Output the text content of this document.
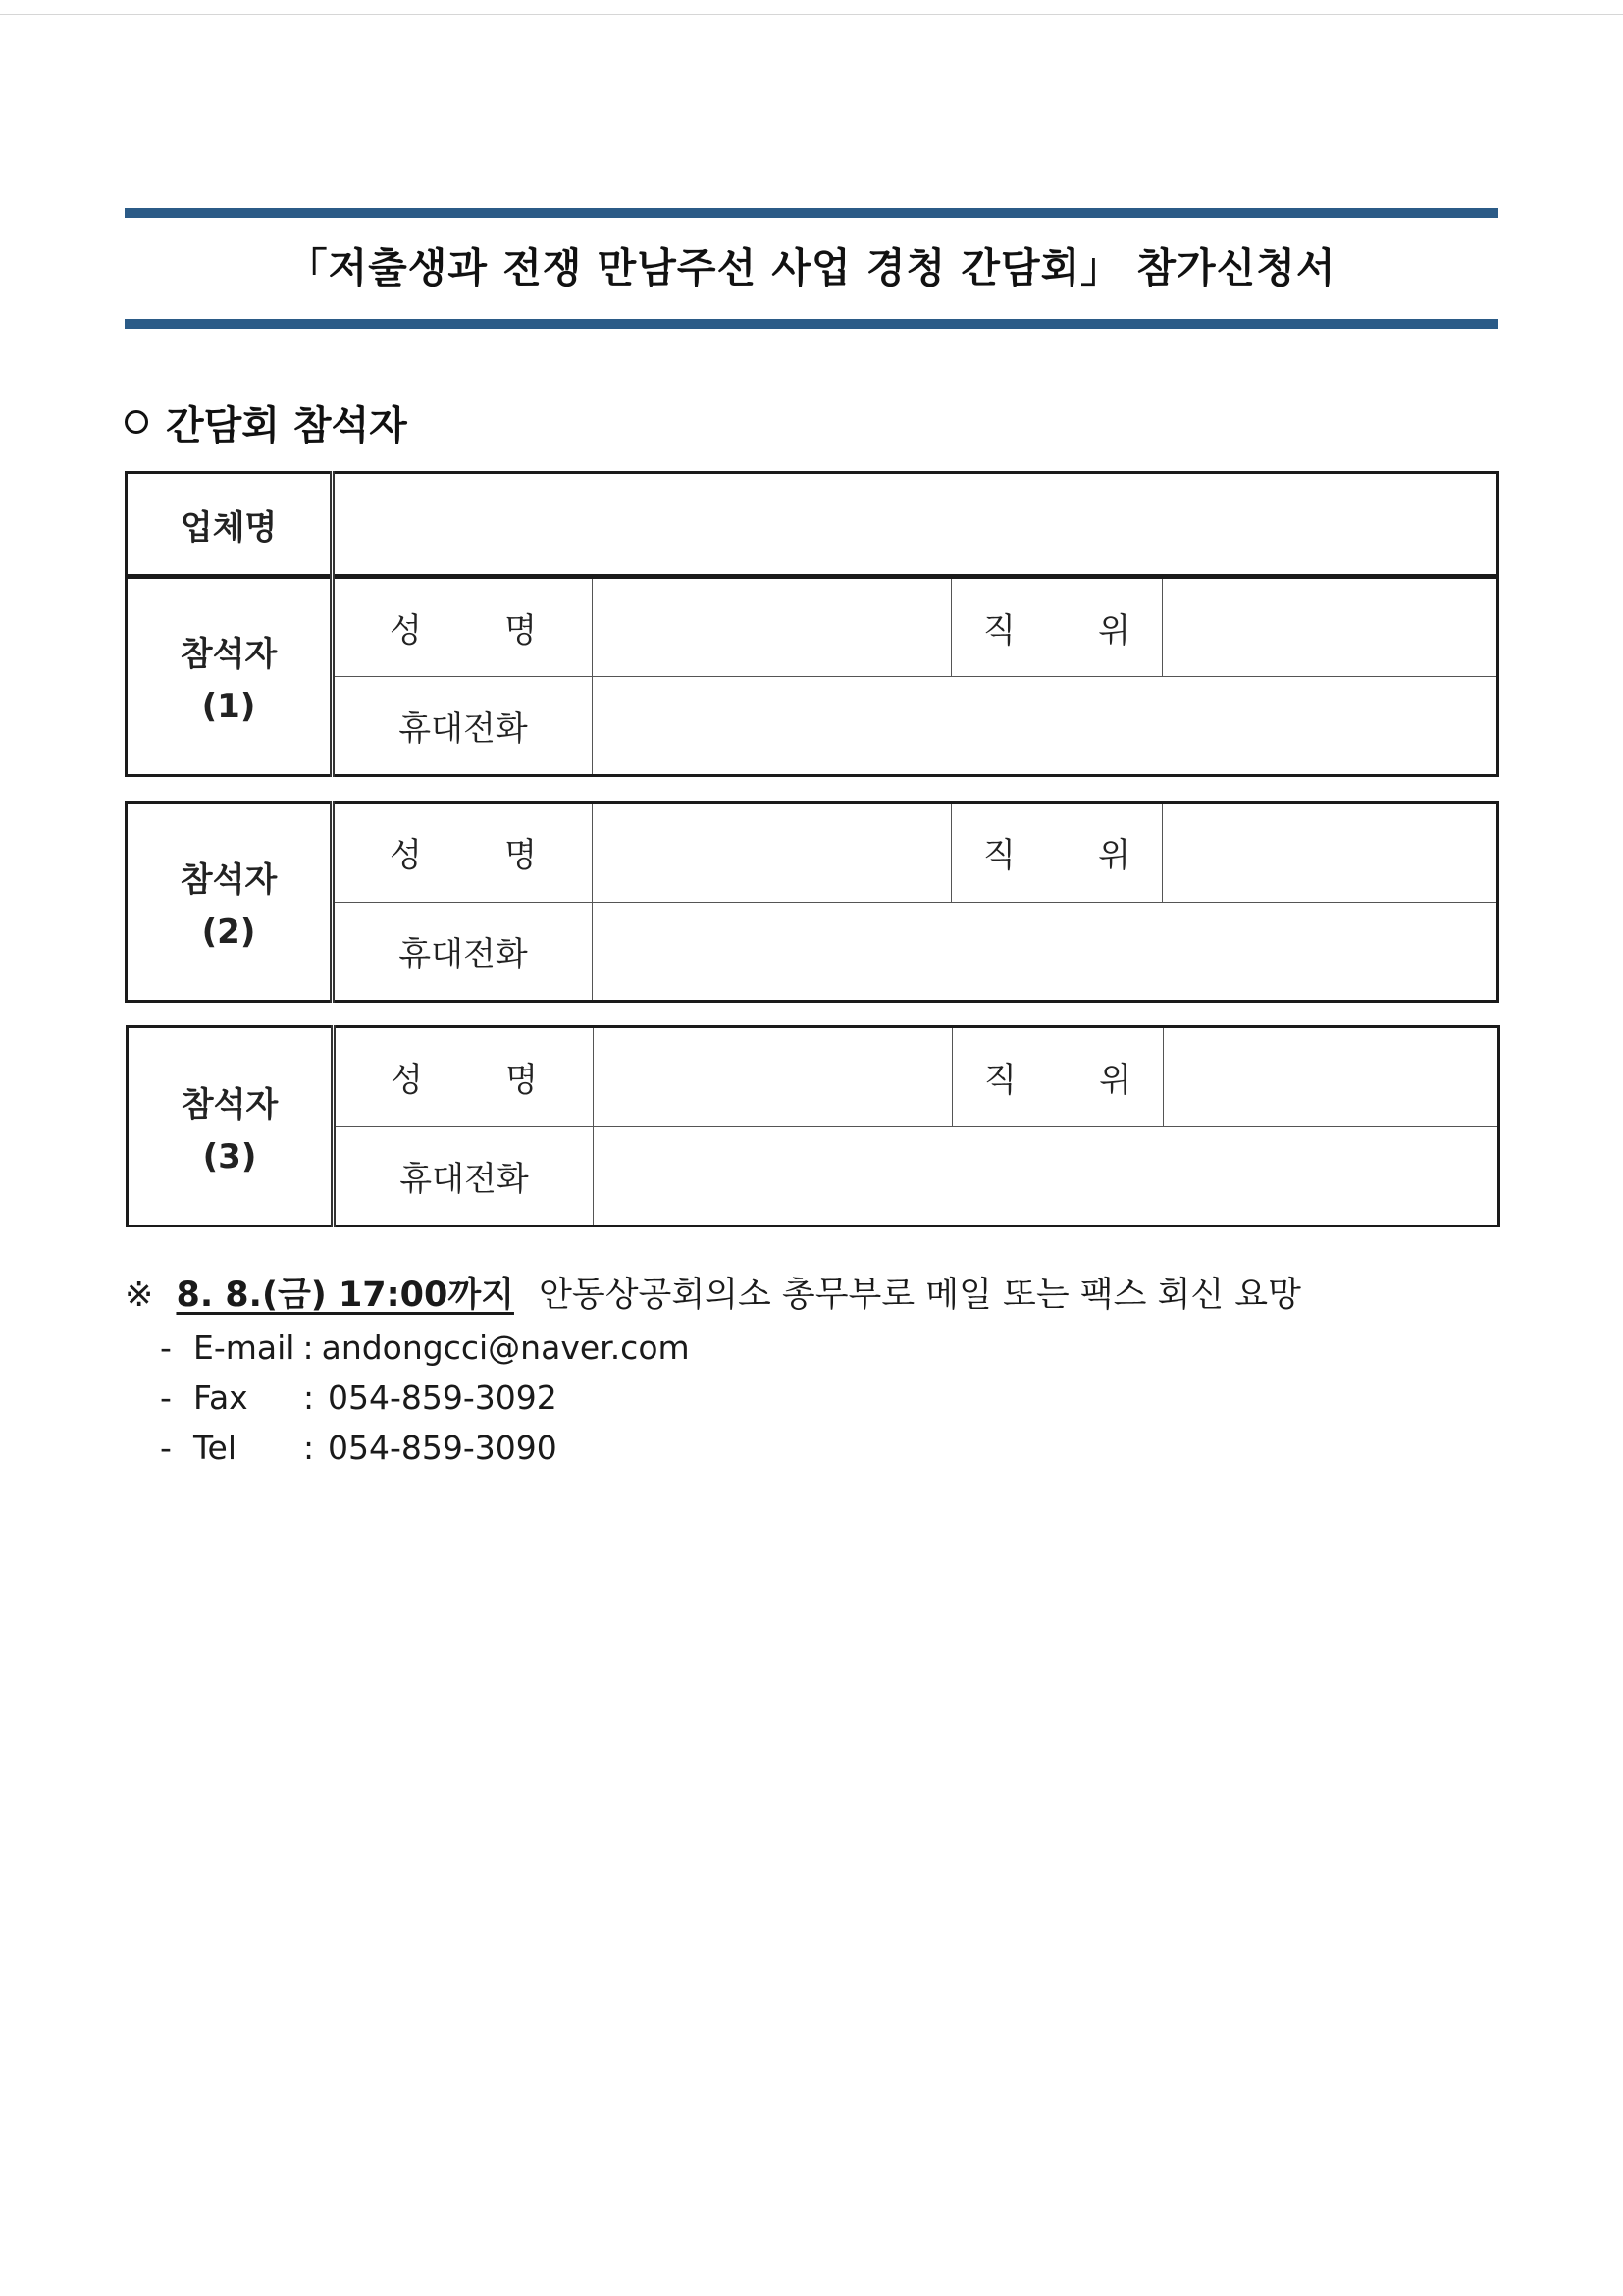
「저출생과 전쟁 만남주선 사업 경청 간담회」 참가신청서
간담회 참석자
업체명	
참석자
(1)	성　명		직　위	
	휴대전화			
참석자
(2)	성　명		직　위	
	휴대전화			
참석자
(3)	성　명		직　위	
	휴대전화			
※ 8. 8.(금) 17:00까지 안동상공회의소 총무부로 메일 또는 팩스 회신 요망
- E-mail : andongcci@naver.com
- Fax	: 054-859-3092
- Tel	: 054-859-3090
